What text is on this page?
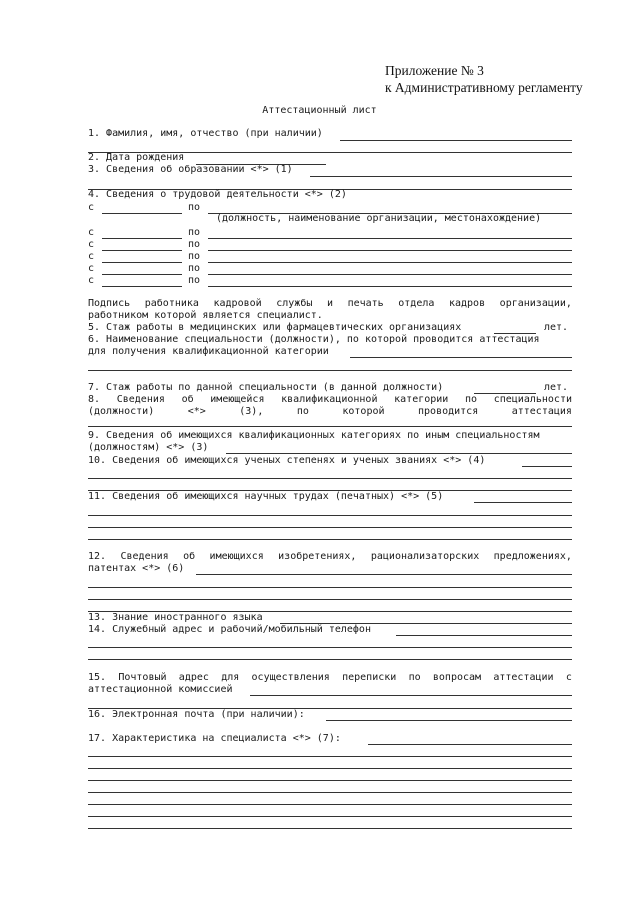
Приложение № 3
к Административному регламенту
Аттестационный лист
1. Фамилия, имя, отчество (при наличии)
2. Дата рождения
3. Сведения об образовании <*> (1)
4. Сведения о трудовой деятельности <*> (2)
с	по
(должность, наименование организации, местонахождение)
с	по
с	по
с	по
с	по
с	по
Подпись работника кадровой службы и печать отдела кадров организации,
работником которой является специалист.
5. Стаж работы в медицинских или фармацевтических организациях	лет.
6. Наименование специальности (должности), по которой проводится аттестация
для получения квалификационной категории
7. Стаж работы по данной специальности (в данной должности)	лет.
8. Сведения об имеющейся квалификационной категории по специальности
(должности)	<*>	(3),	по	которой	проводится	аттестация
9. Сведения об имеющихся квалификационных категориях по иным специальностям
(должностям) <*> (3)
10. Сведения об имеющихся ученых степенях и ученых званиях <*> (4)
11. Сведения об имеющихся научных трудах (печатных) <*> (5)
12. Сведения об имеющихся изобретениях, рационализаторских предложениях,
патентах <*> (6)
13. Знание иностранного языка
14. Служебный адрес и рабочий/мобильный телефон
15. Почтовый адрес для осуществления переписки по вопросам аттестации с
аттестационной комиссией
16. Электронная почта (при наличии):
17. Характеристика на специалиста <*> (7):
